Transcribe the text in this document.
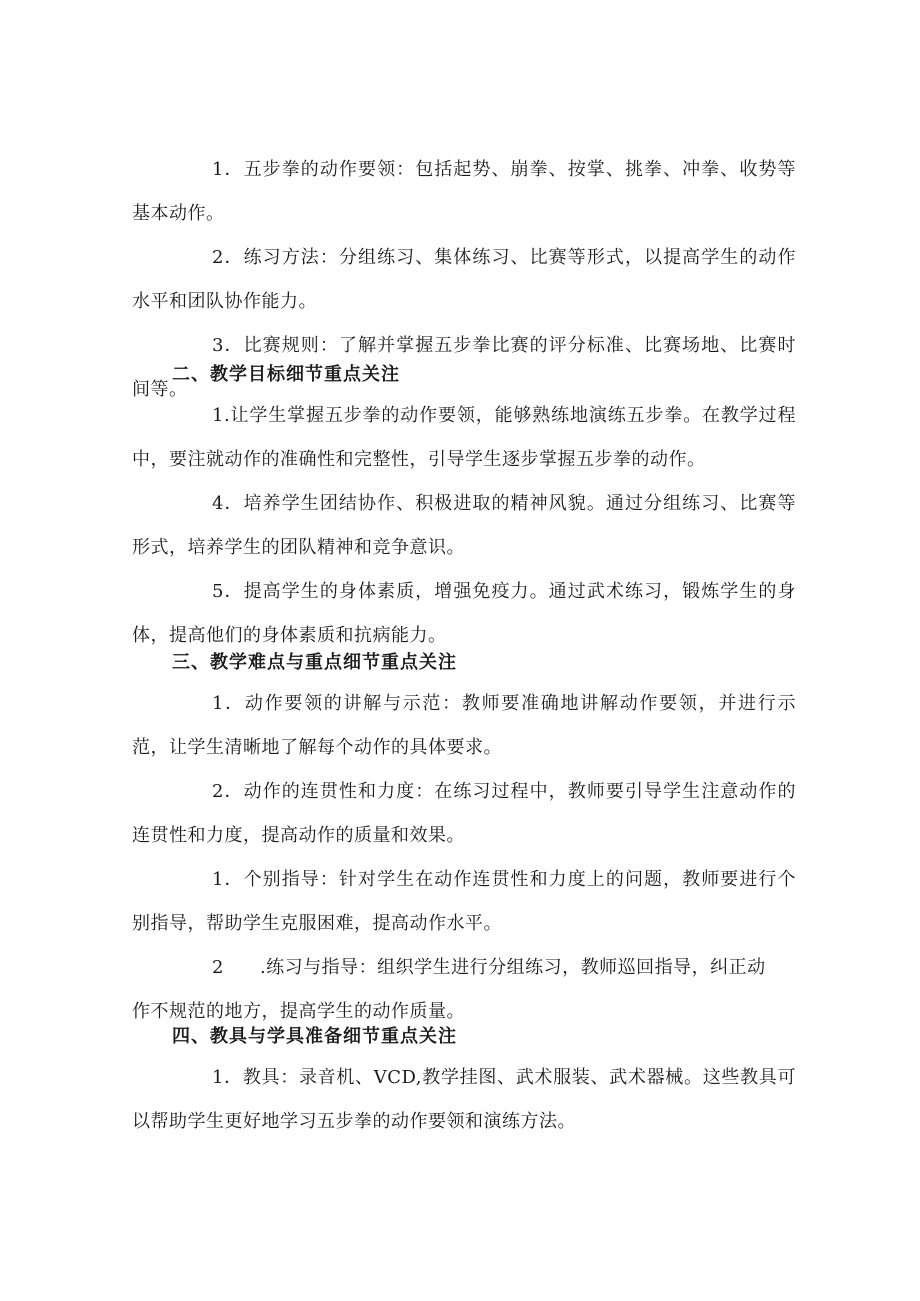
1．五步拳的动作要领：包括起势、崩拳、按掌、挑拳、冲拳、收势等基本动作。

2．练习方法：分组练习、集体练习、比赛等形式，以提高学生的动作水平和团队协作能力。

3．比赛规则：了解并掌握五步拳比赛的评分标准、比赛场地、比赛时间等。

二、教学目标细节重点关注

1.让学生掌握五步拳的动作要领，能够熟练地演练五步拳。在教学过程中，要注就动作的准确性和完整性，引导学生逐步掌握五步拳的动作。

4．培养学生团结协作、积极进取的精神风貌。通过分组练习、比赛等形式，培养学生的团队精神和竞争意识。

5．提高学生的身体素质，增强免疫力。通过武术练习，锻炼学生的身体，提高他们的身体素质和抗病能力。

三、教学难点与重点细节重点关注

1．动作要领的讲解与示范：教师要准确地讲解动作要领，并进行示范，让学生清晰地了解每个动作的具体要求。

2．动作的连贯性和力度：在练习过程中，教师要引导学生注意动作的连贯性和力度，提高动作的质量和效果。

1．个别指导：针对学生在动作连贯性和力度上的问题，教师要进行个别指导，帮助学生克服困难，提高动作水平。

2 .练习与指导：组织学生进行分组练习，教师巡回指导，纠正动

作不规范的地方，提高学生的动作质量。

四、教具与学具准备细节重点关注

1．教具：录音机、VCD,教学挂图、武术服装、武术器械。这些教具可以帮助学生更好地学习五步拳的动作要领和演练方法。
